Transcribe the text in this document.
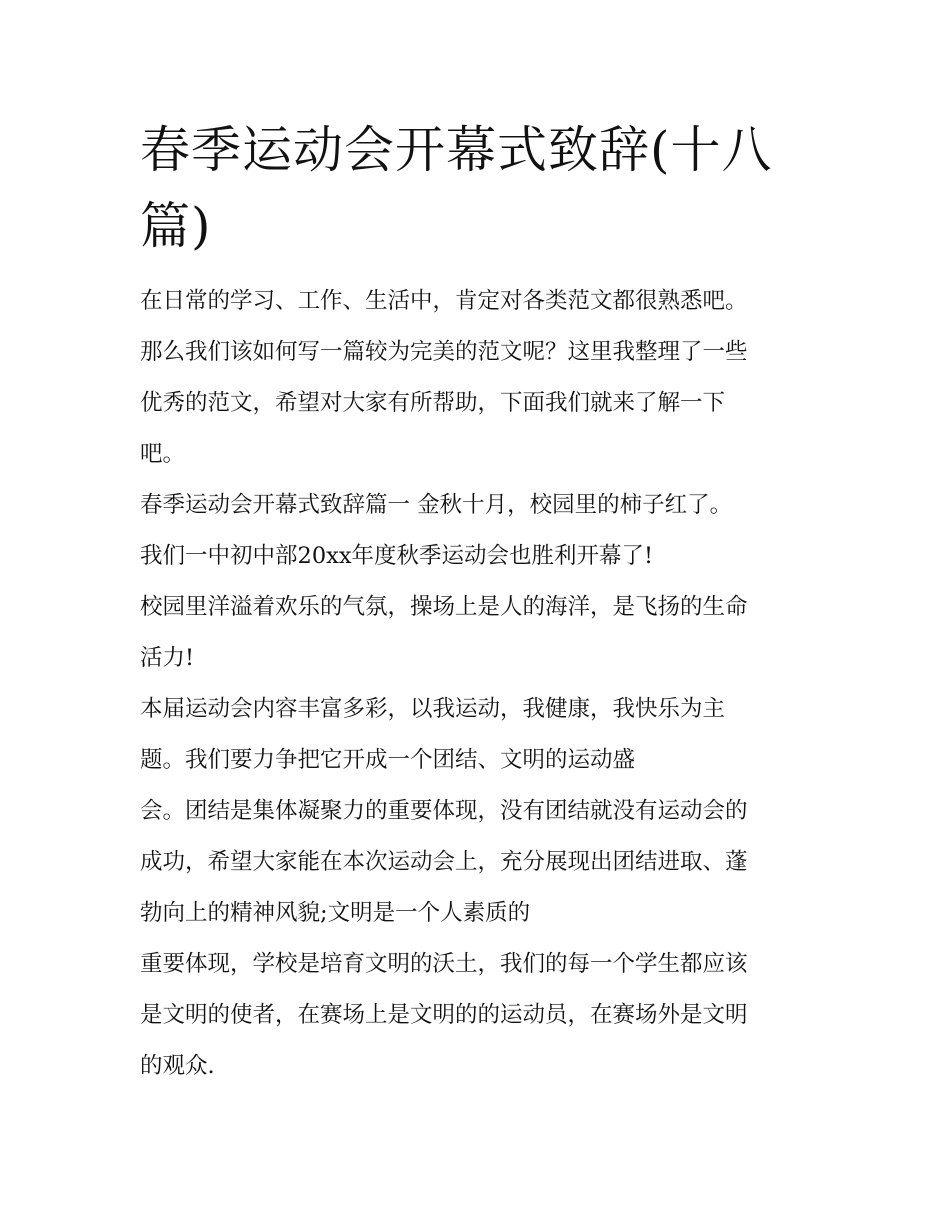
春季运动会开幕式致辞(十八篇)
在日常的学习、工作、生活中，肯定对各类范文都很熟悉吧。
那么我们该如何写一篇较为完美的范文呢？这里我整理了一些
优秀的范文，希望对大家有所帮助，下面我们就来了解一下
吧。
春季运动会开幕式致辞篇一 金秋十月，校园里的柿子红了。
我们一中初中部20xx年度秋季运动会也胜利开幕了!
校园里洋溢着欢乐的气氛，操场上是人的海洋，是飞扬的生命
活力!
本届运动会内容丰富多彩，以我运动，我健康，我快乐为主
题。我们要力争把它开成一个团结、文明的运动盛
会。团结是集体凝聚力的重要体现，没有团结就没有运动会的
成功，希望大家能在本次运动会上，充分展现出团结进取、蓬
勃向上的精神风貌;文明是一个人素质的
重要体现，学校是培育文明的沃土，我们的每一个学生都应该
是文明的使者，在赛场上是文明的的运动员，在赛场外是文明
的观众.
